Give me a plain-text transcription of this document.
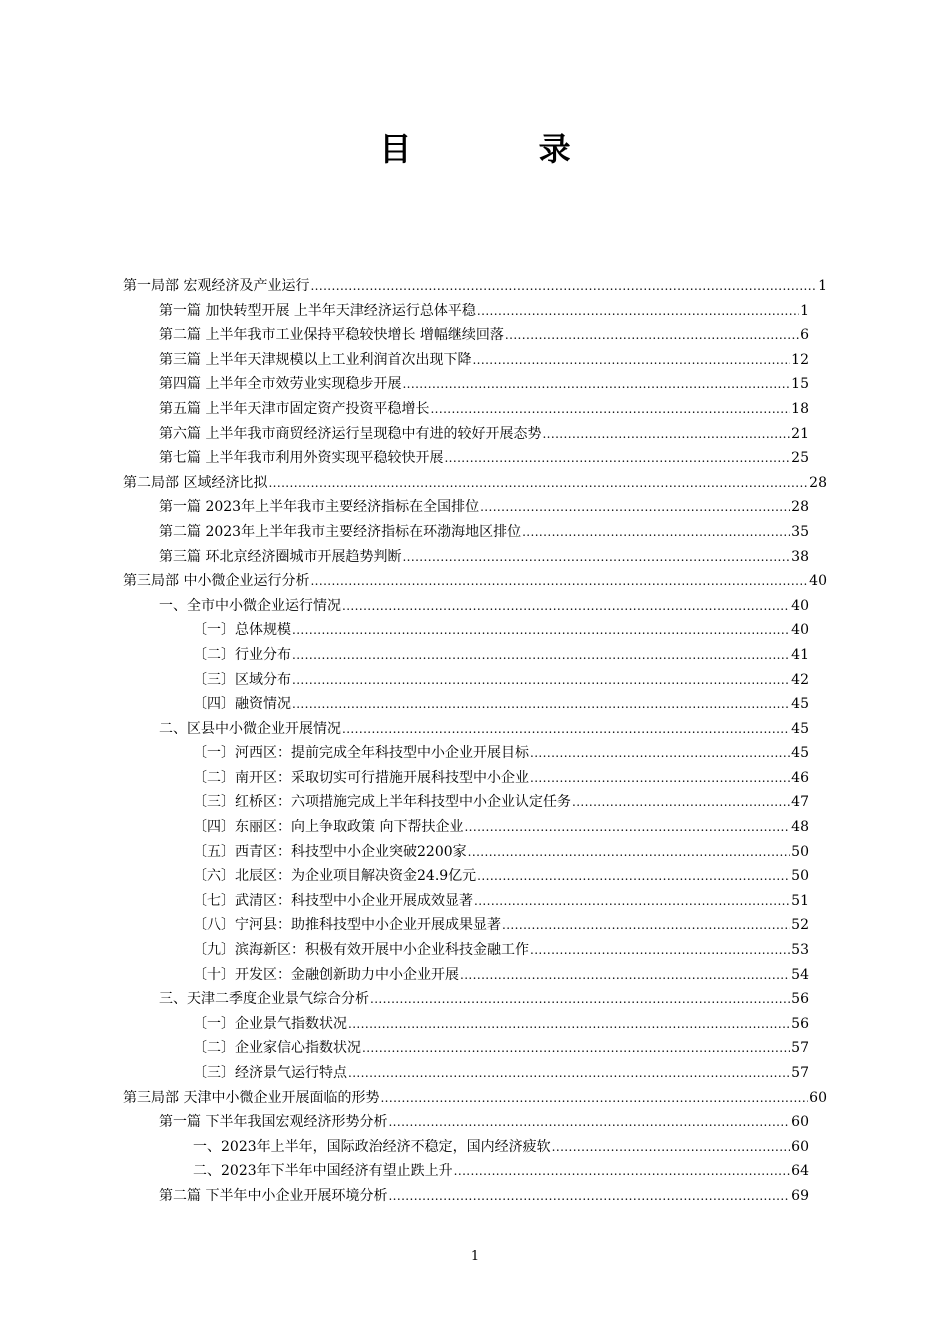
目 录
第一局部 宏观经济及产业运行 .....	1
第一篇 加快转型开展 上半年天津经济运行总体平稳 .....	1
第二篇 上半年我市工业保持平稳较快增长 增幅继续回落 .....	6
第三篇 上半年天津规模以上工业利润首次出现下降 .....	12
第四篇 上半年全市效劳业实现稳步开展 .....	15
第五篇 上半年天津市固定资产投资平稳增长 .....	18
第六篇 上半年我市商贸经济运行呈现稳中有进的较好开展态势 .....	21
第七篇 上半年我市利用外资实现平稳较快开展 .....	25
第二局部 区域经济比拟 .....	28
第一篇 2023年上半年我市主要经济指标在全国排位 .....	28
第二篇 2023年上半年我市主要经济指标在环渤海地区排位 .....	35
第三篇 环北京经济圈城市开展趋势判断 .....	38
第三局部 中小微企业运行分析 .....	40
一、全市中小微企业运行情况 .....	40
〔一〕总体规模 .....	40
〔二〕行业分布 .....	41
〔三〕区域分布 .....	42
〔四〕融资情况 .....	45
二、区县中小微企业开展情况 .....	45
〔一〕河西区：提前完成全年科技型中小企业开展目标 .....	45
〔二〕南开区：采取切实可行措施开展科技型中小企业 .....	46
〔三〕红桥区：六项措施完成上半年科技型中小企业认定任务 .....	47
〔四〕东丽区：向上争取政策 向下帮扶企业 .....	48
〔五〕西青区：科技型中小企业突破2200家 .....	50
〔六〕北辰区：为企业项目解决资金24.9亿元 .....	50
〔七〕武清区：科技型中小企业开展成效显著 .....	51
〔八〕宁河县：助推科技型中小企业开展成果显著 .....	52
〔九〕滨海新区：积极有效开展中小企业科技金融工作 .....	53
〔十〕开发区：金融创新助力中小企业开展 .....	54
三、天津二季度企业景气综合分析 .....	56
〔一〕企业景气指数状况 .....	56
〔二〕企业家信心指数状况 .....	57
〔三〕经济景气运行特点 .....	57
第三局部 天津中小微企业开展面临的形势 .....	60
第一篇 下半年我国宏观经济形势分析 .....	60
一、2023年上半年，国际政治经济不稳定，国内经济疲软 .....	60
二、2023年下半年中国经济有望止跌上升 .....	64
第二篇 下半年中小企业开展环境分析 .....	69
1
